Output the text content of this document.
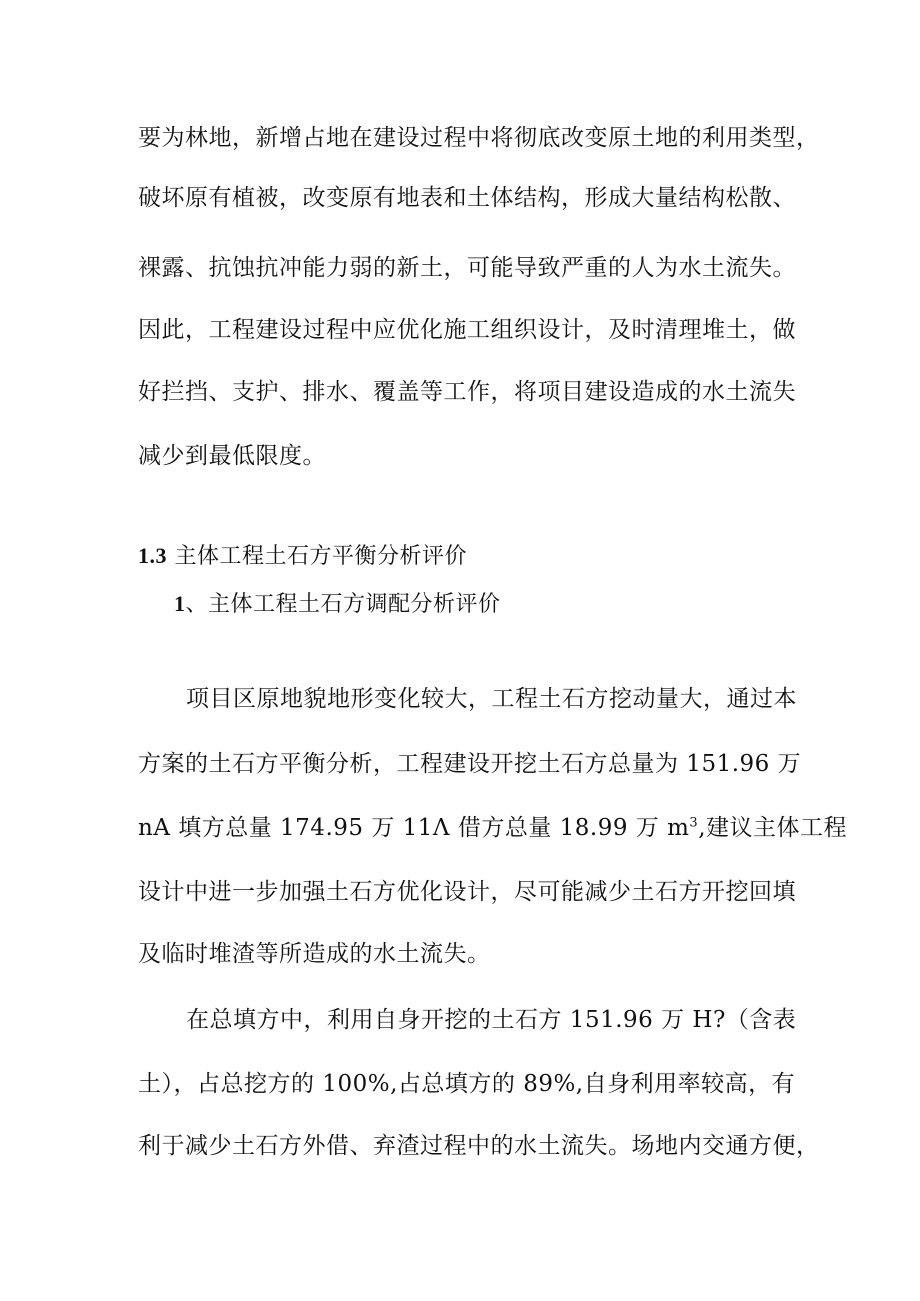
要为林地，新增占地在建设过程中将彻底改变原土地的利用类型，
破坏原有植被，改变原有地表和土体结构，形成大量结构松散、
裸露、抗蚀抗冲能力弱的新土，可能导致严重的人为水土流失。
因此，工程建设过程中应优化施工组织设计，及时清理堆土，做
好拦挡、支护、排水、覆盖等工作，将项目建设造成的水土流失
减少到最低限度。
1.3 主体工程土石方平衡分析评价
1、主体工程土石方调配分析评价
项目区原地貌地形变化较大，工程土石方挖动量大，通过本
方案的土石方平衡分析，工程建设开挖土石方总量为 151.96 万
nA 填方总量 174.95 万 11Λ 借方总量 18.99 万 $m^3$,建议主体工程
设计中进一步加强土石方优化设计，尽可能减少土石方开挖回填
及临时堆渣等所造成的水土流失。
在总填方中，利用自身开挖的土石方 151.96 万 H?（含表
土），占总挖方的 100%,占总填方的 89%,自身利用率较高，有
利于减少土石方外借、弃渣过程中的水土流失。场地内交通方便，
